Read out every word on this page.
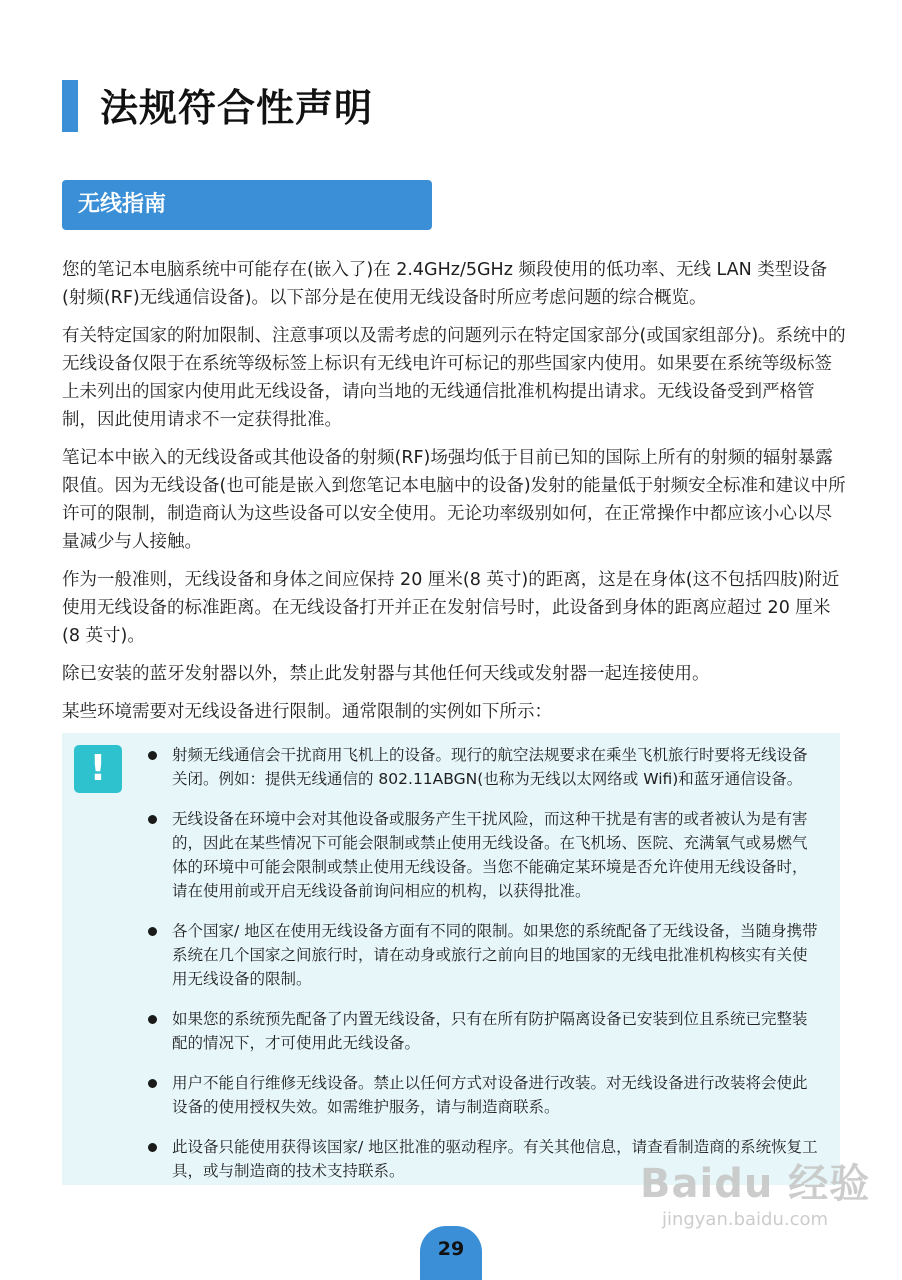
法规符合性声明
无线指南

您的笔记本电脑系统中可能存在(嵌入了)在 2.4GHz/5GHz 频段使用的低功率、无线 LAN 类型设备(射频(RF)无线通信设备)。以下部分是在使用无线设备时所应考虑问题的综合概览。

有关特定国家的附加限制、注意事项以及需考虑的问题列示在特定国家部分(或国家组部分)。系统中的无线设备仅限于在系统等级标签上标识有无线电许可标记的那些国家内使用。如果要在系统等级标签上未列出的国家内使用此无线设备，请向当地的无线通信批准机构提出请求。无线设备受到严格管制，因此使用请求不一定获得批准。

笔记本中嵌入的无线设备或其他设备的射频(RF)场强均低于目前已知的国际上所有的射频的辐射暴露限值。因为无线设备(也可能是嵌入到您笔记本电脑中的设备)发射的能量低于射频安全标准和建议中所许可的限制，制造商认为这些设备可以安全使用。无论功率级别如何，在正常操作中都应该小心以尽量减少与人接触。

作为一般准则，无线设备和身体之间应保持 20 厘米(8 英寸)的距离，这是在身体(这不包括四肢)附近使用无线设备的标准距离。在无线设备打开并正在发射信号时，此设备到身体的距离应超过 20 厘米(8 英寸)。

除已安装的蓝牙发射器以外，禁止此发射器与其他任何天线或发射器一起连接使用。

某些环境需要对无线设备进行限制。通常限制的实例如下所示：

!	射频无线通信会干扰商用飞机上的设备。现行的航空法规要求在乘坐飞机旅行时要将无线设备关闭。例如：提供无线通信的 802.11ABGN(也称为无线以太网络或 Wifi)和蓝牙通信设备。
无线设备在环境中会对其他设备或服务产生干扰风险，而这种干扰是有害的或者被认为是有害的，因此在某些情况下可能会限制或禁止使用无线设备。在飞机场、医院、充满氧气或易燃气体的环境中可能会限制或禁止使用无线设备。当您不能确定某环境是否允许使用无线设备时，请在使用前或开启无线设备前询问相应的机构，以获得批准。
各个国家/ 地区在使用无线设备方面有不同的限制。如果您的系统配备了无线设备，当随身携带系统在几个国家之间旅行时，请在动身或旅行之前向目的地国家的无线电批准机构核实有关使用无线设备的限制。
如果您的系统预先配备了内置无线设备，只有在所有防护隔离设备已安装到位且系统已完整装配的情况下，才可使用此无线设备。
用户不能自行维修无线设备。禁止以任何方式对设备进行改装。对无线设备进行改装将会使此设备的使用授权失效。如需维护服务，请与制造商联系。
此设备只能使用获得该国家/ 地区批准的驱动程序。有关其他信息，请查看制造商的系统恢复工具，或与制造商的技术支持联系。
29
Baidu 经验
jingyan.baidu.com
